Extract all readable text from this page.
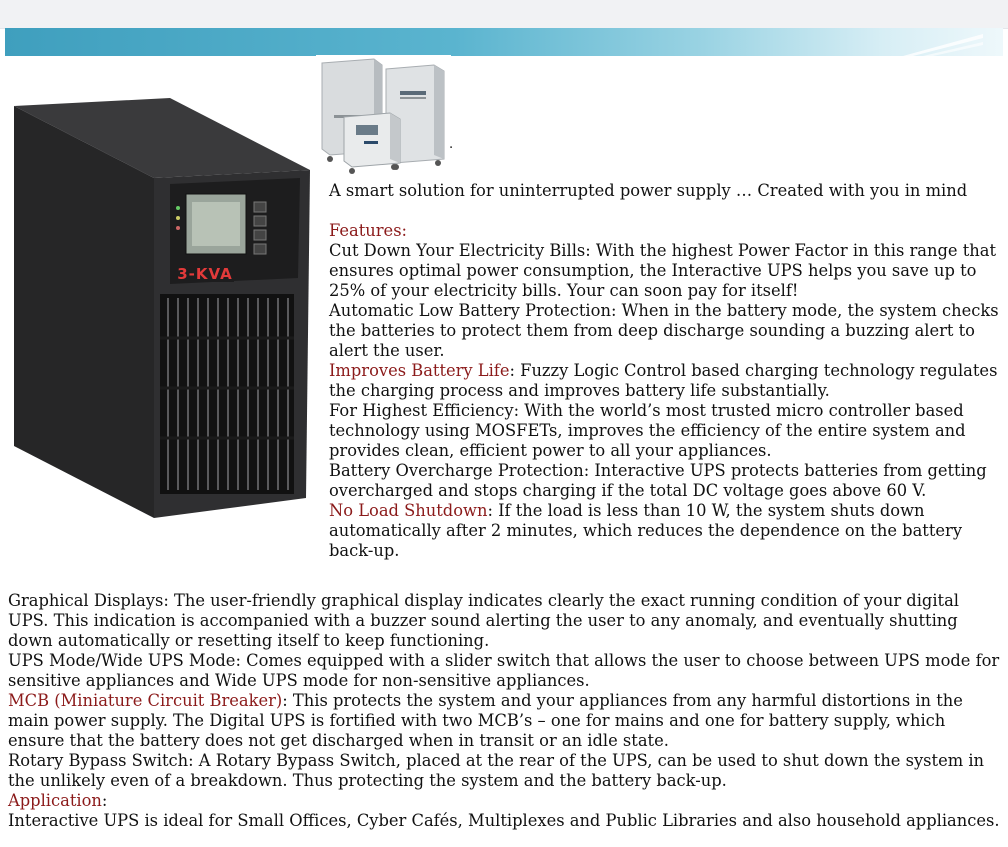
.
3-KVA

A smart solution for uninterrupted power supply … Created with you in mind

Features:

Cut Down Your Electricity Bills: With the highest Power Factor in this range that ensures optimal power consumption, the Interactive UPS helps you save up to 25% of your electricity bills. Your can soon pay for itself!

Automatic Low Battery Protection: When in the battery mode, the system checks the batteries to protect them from deep discharge sounding a buzzing alert to alert the user.

Improves Battery Life: Fuzzy Logic Control based charging technology regulates the charging process and improves battery life substantially.

For Highest Efficiency: With the world’s most trusted micro controller based technology using MOSFETs, improves the efficiency of the entire system and provides clean, efficient power to all your appliances.

Battery Overcharge Protection: Interactive UPS protects batteries from getting overcharged and stops charging if the total DC voltage goes above 60 V.

No Load Shutdown: If the load is less than 10 W, the system shuts down automatically after 2 minutes, which reduces the dependence on the battery back-up.

Graphical Displays: The user-friendly graphical display indicates clearly the exact running condition of your digital UPS. This indication is accompanied with a buzzer sound alerting the user to any anomaly, and eventually shutting down automatically or resetting itself to keep functioning.

UPS Mode/Wide UPS Mode: Comes equipped with a slider switch that allows the user to choose between UPS mode for sensitive appliances and Wide UPS mode for non-sensitive appliances.

MCB (Miniature Circuit Breaker): This protects the system and your appliances from any harmful distortions in the main power supply. The Digital UPS is fortified with two MCB’s – one for mains and one for battery supply, which ensure that the battery does not get discharged when in transit or an idle state.

Rotary Bypass Switch: A Rotary Bypass Switch, placed at the rear of the UPS, can be used to shut down the system in the unlikely even of a breakdown. Thus protecting the system and the battery back-up.

Application:

Interactive UPS is ideal for Small Offices, Cyber Cafés, Multiplexes and Public Libraries and also household appliances.
